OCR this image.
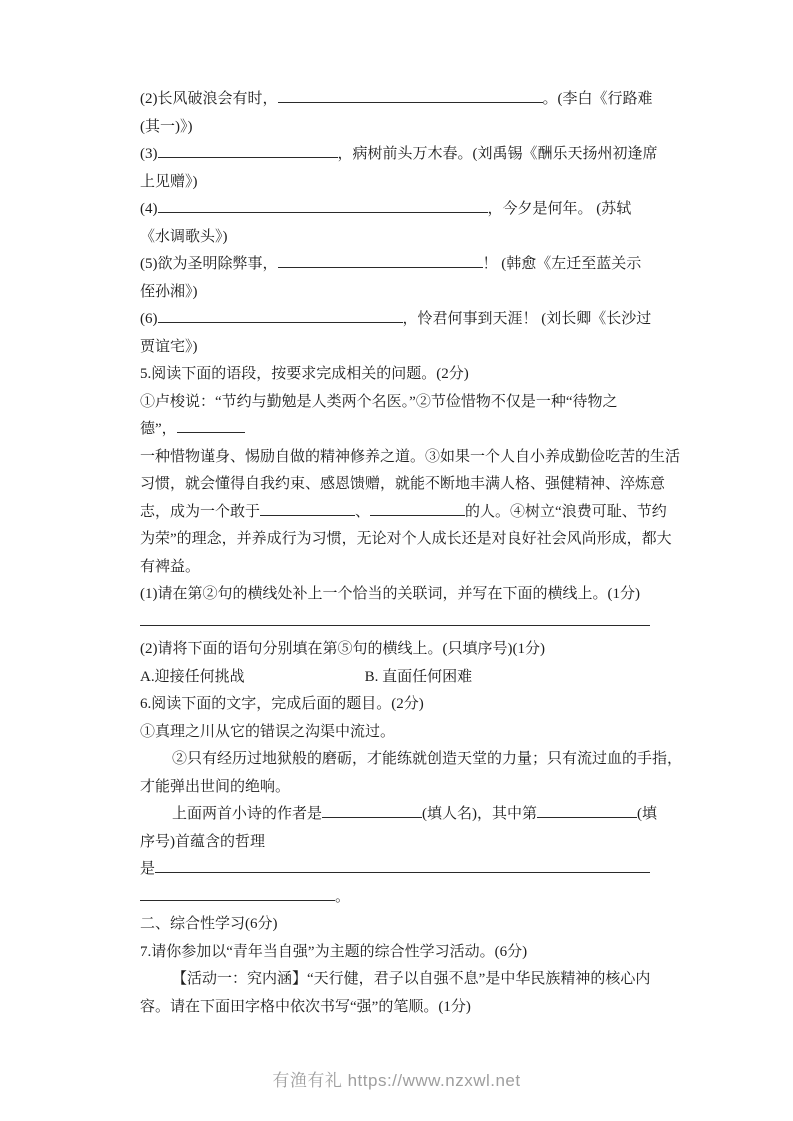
(2)长风破浪会有时，	。(李白《行路难
(其一)》)
(3)	，病树前头万木春。(刘禹锡《酬乐天扬州初逢席
上见赠》)
(4)	，今夕是何年。 (苏轼
《水调歌头》)
(5)欲为圣明除弊事，	！ (韩愈《左迁至蓝关示
侄孙湘》)
(6)	，怜君何事到天涯！ (刘长卿《长沙过
贾谊宅》)
5.阅读下面的语段，按要求完成相关的问题。(2分)
①卢梭说：“节约与勤勉是人类两个名医。”②节俭惜物不仅是一种“待物之
德”，
一种惜物谨身、惕励自做的精神修养之道。③如果一个人自小养成勤俭吃苦的生活
习惯，就会懂得自我约束、感恩馈赠，就能不断地丰满人格、强健精神、淬炼意
志，成为一个敢于	、	的人。④树立“浪费可耻、节约
为荣”的理念，并养成行为习惯，无论对个人成长还是对良好社会风尚形成，都大
有裨益。
(1)请在第②句的横线处补上一个恰当的关联词，并写在下面的横线上。(1分)
(2)请将下面的语句分别填在第⑤句的横线上。(只填序号)(1分)
A.迎接任何挑战	B. 直面任何困难
6.阅读下面的文字，完成后面的题目。(2分)
①真理之川从它的错误之沟渠中流过。
②只有经历过地狱般的磨砺，才能练就创造天堂的力量；只有流过血的手指，
才能弹出世间的绝响。
上面两首小诗的作者是	(填人名)，其中第	(填
序号)首蕴含的哲理
是
。
二、综合性学习(6分)
7.请你参加以“青年当自强”为主题的综合性学习活动。(6分)
【活动一：究内涵】“天行健，君子以自强不息”是中华民族精神的核心内
容。请在下面田字格中依次书写“强”的笔顺。(1分)
有渔有礼 https://www.nzxwl.net
